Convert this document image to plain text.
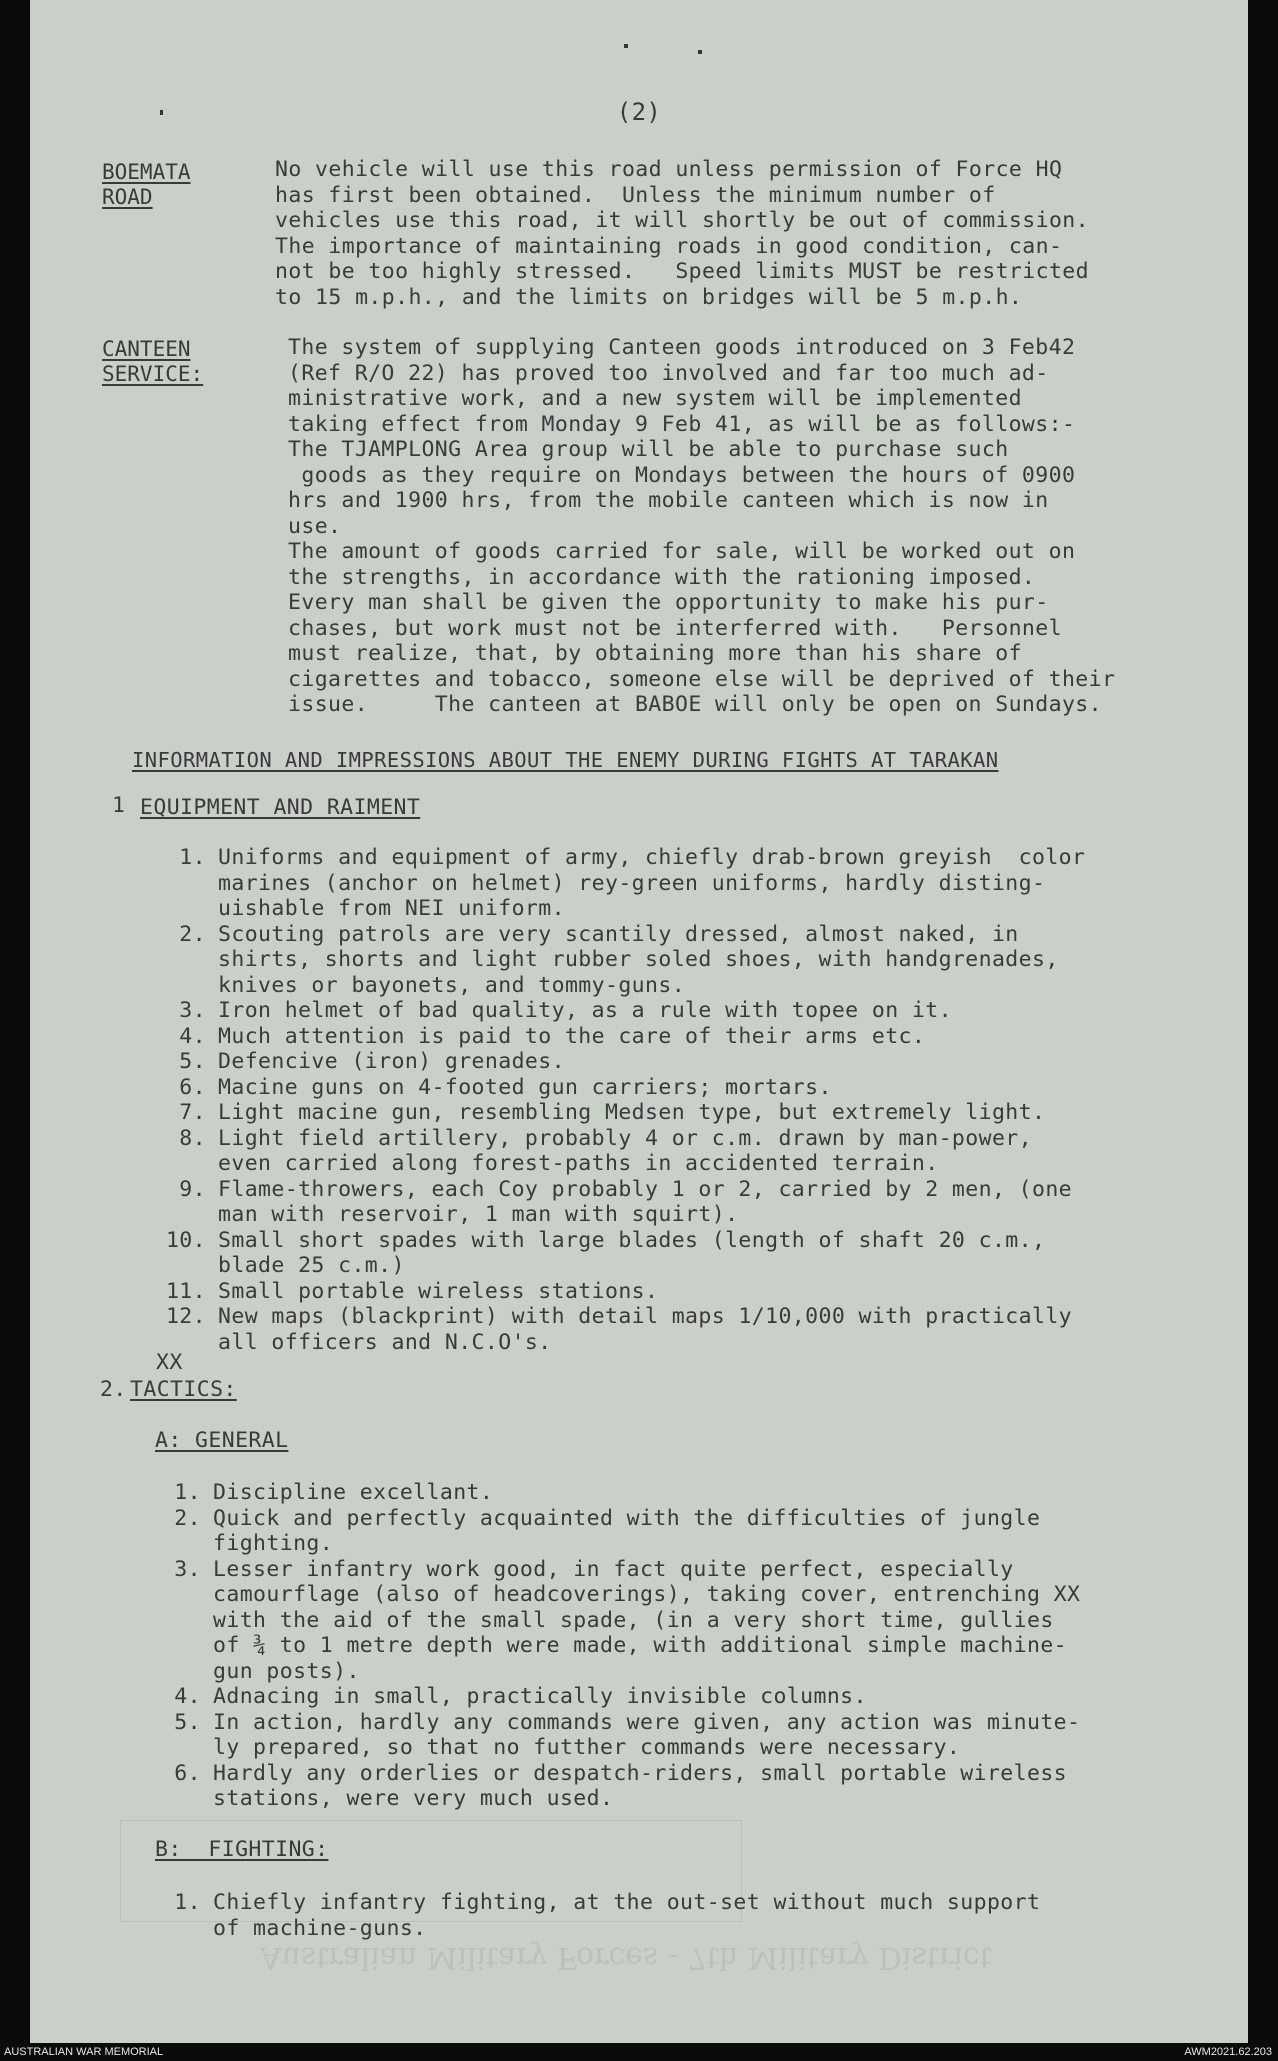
(2)
BOEMATA
ROAD
No vehicle will use this road unless permission of Force HQ
has first been obtained.  Unless the minimum number of
vehicles use this road, it will shortly be out of commission.
The importance of maintaining roads in good condition, can-
not be too highly stressed.   Speed limits MUST be restricted
to 15 m.p.h., and the limits on bridges will be 5 m.p.h.
CANTEEN
SERVICE:
The system of supplying Canteen goods introduced on 3 Feb42
(Ref R/O 22) has proved too involved and far too much ad-
ministrative work, and a new system will be implemented
taking effect from Monday 9 Feb 41, as will be as follows:-
The TJAMPLONG Area group will be able to purchase such
goods as they require on Mondays between the hours of 0900
hrs and 1900 hrs, from the mobile canteen which is now in
use.
The amount of goods carried for sale, will be worked out on
the strengths, in accordance with the rationing imposed.
Every man shall be given the opportunity to make his pur-
chases, but work must not be interferred with.   Personnel
must realize, that, by obtaining more than his share of
cigarettes and tobacco, someone else will be deprived of their
issue.     The canteen at BABOE will only be open on Sundays.
INFORMATION AND IMPRESSIONS ABOUT THE ENEMY DURING FIGHTS AT TARAKAN
1 EQUIPMENT AND RAIMENT
1. Uniforms and equipment of army, chiefly drab-brown greyish  color
marines (anchor on helmet) rey-green uniforms, hardly disting-
uishable from NEI uniform.
2. Scouting patrols are very scantily dressed, almost naked, in
shirts, shorts and light rubber soled shoes, with handgrenades,
knives or bayonets, and tommy-guns.
3. Iron helmet of bad quality, as a rule with topee on it.
4. Much attention is paid to the care of their arms etc.
5. Defencive (iron) grenades.
6. Macine guns on 4-footed gun carriers; mortars.
7. Light macine gun, resembling Medsen type, but extremely light.
8. Light field artillery, probably 4 or c.m. drawn by man-power,
even carried along forest-paths in accidented terrain.
9. Flame-throwers, each Coy probably 1 or 2, carried by 2 men, (one
man with reservoir, 1 man with squirt).
10. Small short spades with large blades (length of shaft 20 c.m.,
blade 25 c.m.)
11. Small portable wireless stations.
12. New maps (blackprint) with detail maps 1/10,000 with practically
all officers and N.C.O's.
XX
2. TACTICS:
A: GENERAL
1. Discipline excellant.
2. Quick and perfectly acquainted with the difficulties of jungle
fighting.
3. Lesser infantry work good, in fact quite perfect, especially
camourflage (also of headcoverings), taking cover, entrenching XX
with the aid of the small spade, (in a very short time, gullies
of ¾ to 1 metre depth were made, with additional simple machine-
gun posts).
4. Adnacing in small, practically invisible columns.
5. In action, hardly any commands were given, any action was minute-
ly prepared, so that no futther commands were necessary.
6. Hardly any orderlies or despatch-riders, small portable wireless
stations, were very much used.
Australian Military Forces - 7th Military District
B:  FIGHTING:
1. Chiefly infantry fighting, at the out-set without much support
of machine-guns.
AUSTRALIAN WAR MEMORIAL	AWM2021.62.203
